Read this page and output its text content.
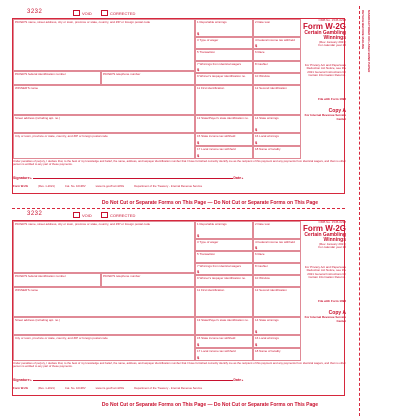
3232	VOID	CORRECTED
PAYER'S name, street address, city or town, province or state, country, and ZIP or foreign postal code
PAYER'S federal identification number	PAYER'S telephone number
WINNER'S name
Street address (including apt. no.)
City or town, province or state, country, and ZIP or foreign postal code
1 Reportable winnings
$
2 Date won
3 Type of wager	4 Federal income tax withheld
$
5 Transaction	6 Race
7 Winnings from identical wagers
$
8 Cashier
9 Winner's taxpayer identification no.	10 Window
11 First identification	12 Second identification
13 State/Payer's state identification no.	14 State winnings
$
15 State income tax withheld
$
16 Local winnings
$
17 Local income tax withheld
$
18 Name of locality
OMB No. 1545-0238
Form W-2G
Certain Gambling Winnings
(Rev. January 2021)
For calendar year 20
For Privacy Act and Paperwork Reduction Act Notice, see the 2021 General Instructions for Certain Information Returns.
File with Form 1096
Copy A
For Internal Revenue Service Center
Under penalties of perjury, I declare that, to the best of my knowledge and belief, the name, address, and taxpayer identification number that I have furnished correctly identify me as the recipient of this payment and any payments from identical wagers, and that no other person is entitled to any part of these payments.
Signature ▸	Date ▸
Form W-2G	(Rev. 1-2021)	Cat. No. 10138V	www.irs.gov/FormW2G	Department of the Treasury - Internal Revenue Service
3232	VOID	CORRECTED
PAYER'S name, street address, city or town, province or state, country, and ZIP or foreign postal code
PAYER'S federal identification number	PAYER'S telephone number
WINNER'S name
Street address (including apt. no.)
City or town, province or state, country, and ZIP or foreign postal code
1 Reportable winnings
$
2 Date won
3 Type of wager	4 Federal income tax withheld
$
5 Transaction	6 Race
7 Winnings from identical wagers
$
8 Cashier
9 Winner's taxpayer identification no.	10 Window
11 First identification	12 Second identification
13 State/Payer's state identification no.	14 State winnings
$
15 State income tax withheld
$
16 Local winnings
$
17 Local income tax withheld
$
18 Name of locality
OMB No. 1545-0238
Form W-2G
Certain Gambling Winnings
(Rev. January 2021)
For calendar year 20
For Privacy Act and Paperwork Reduction Act Notice, see the 2021 General Instructions for Certain Information Returns.
File with Form 1096
Copy A
For Internal Revenue Service Center
Under penalties of perjury, I declare that, to the best of my knowledge and belief, the name, address, and taxpayer identification number that I have furnished correctly identify me as the recipient of this payment and any payments from identical wagers, and that no other person is entitled to any part of these payments.
Signature ▸	Date ▸
Form W-2G	(Rev. 1-2021)	Cat. No. 10138V	www.irs.gov/FormW2G	Department of the Treasury - Internal Revenue Service
Do Not Cut or Separate Forms on This Page — Do Not Cut or Separate Forms on This Page
Do Not Cut or Separate Forms on This Page — Do Not Cut or Separate Forms on This Page
DETACH BEFORE MAILING MANUFACTURED ON LASER BOND PAPER
